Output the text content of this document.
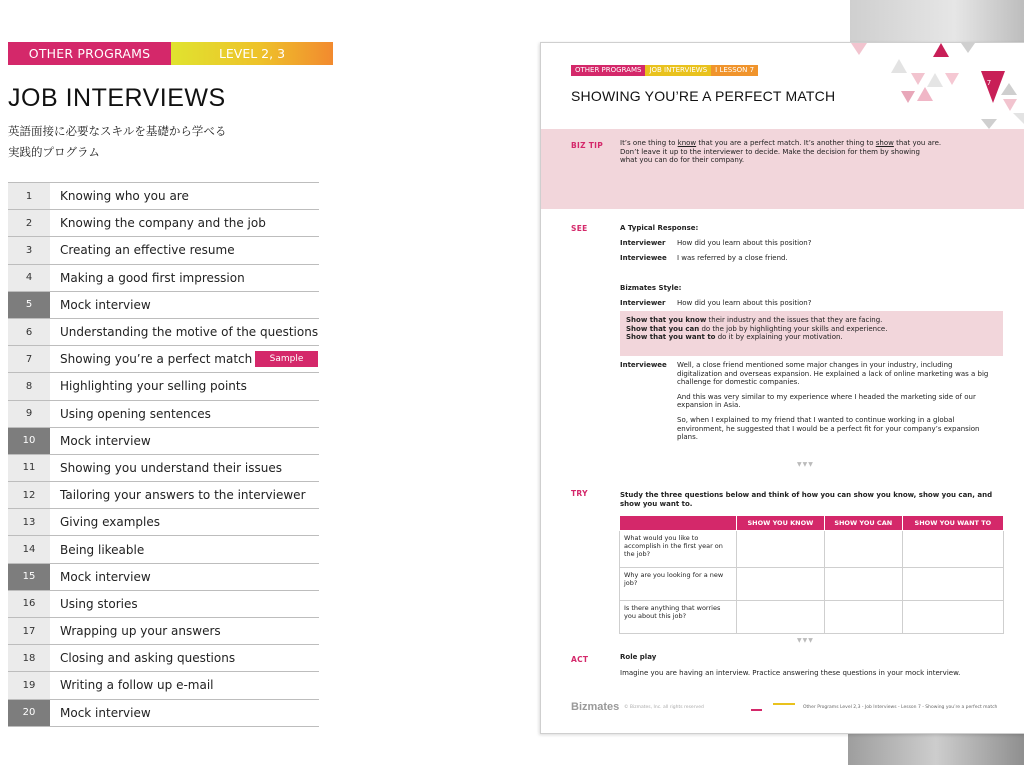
OTHER PROGRAMS	LEVEL 2, 3
JOB INTERVIEWS
英語面接に必要なスキルを基礎から学べる
実践的プログラム
1	Knowing who you are
2	Knowing the company and the job
3	Creating an effective resume
4	Making a good first impression
5	Mock interview
6	Understanding the motive of the questions
7	Showing you’re a perfect match	Sample
8	Highlighting your selling points
9	Using opening sentences
10	Mock interview
11	Showing you understand their issues
12	Tailoring your answers to the interviewer
13	Giving examples
14	Being likeable
15	Mock interview
16	Using stories
17	Wrapping up your answers
18	Closing and asking questions
19	Writing a follow up e-mail
20	Mock interview
OTHER PROGRAMS	JOB INTERVIEWS	I LESSON 7
SHOWING YOU’RE A PERFECT MATCH
7
BIZ TIP It’s one thing to know that you are a perfect match. It’s another thing to show that you are.
Don’t leave it up to the interviewer to decide. Make the decision for them by showing
what you can do for their company.
SEE	A Typical Response:
Interviewer	How did you learn about this position?
Interviewee	I was referred by a close friend.
Bizmates Style:
Interviewer	How did you learn about this position?
Show that you know their industry and the issues that they are facing.
Show that you can do the job by highlighting your skills and experience.
Show that you want to do it by explaining your motivation.
Interviewee	Well, a close friend mentioned some major changes in your industry, including digitalization and overseas expansion. He explained a lack of online marketing was a big challenge for domestic companies.

And this was very similar to my experience where I headed the marketing side of our expansion in Asia.

So, when I explained to my friend that I wanted to continue working in a global environment, he suggested that I would be a perfect fit for your company’s expansion plans.

▼▼▼
TRY	Study the three questions below and think of how you can show you know, show you can, and show you want to.
	SHOW YOU KNOW	SHOW YOU CAN	SHOW YOU WANT TO
What would you like to accomplish in the first year on the job?			
Why are you looking for a new job?			
Is there anything that worries you about this job?			
▼▼▼
ACT	Role play
Imagine you are having an interview. Practice answering these questions in your mock interview.
Bizmates © Bizmates, Inc. all rights reserved	Other Programs Level 2,3 - Job Interviews - Lesson 7 - Showing you’re a perfect match
